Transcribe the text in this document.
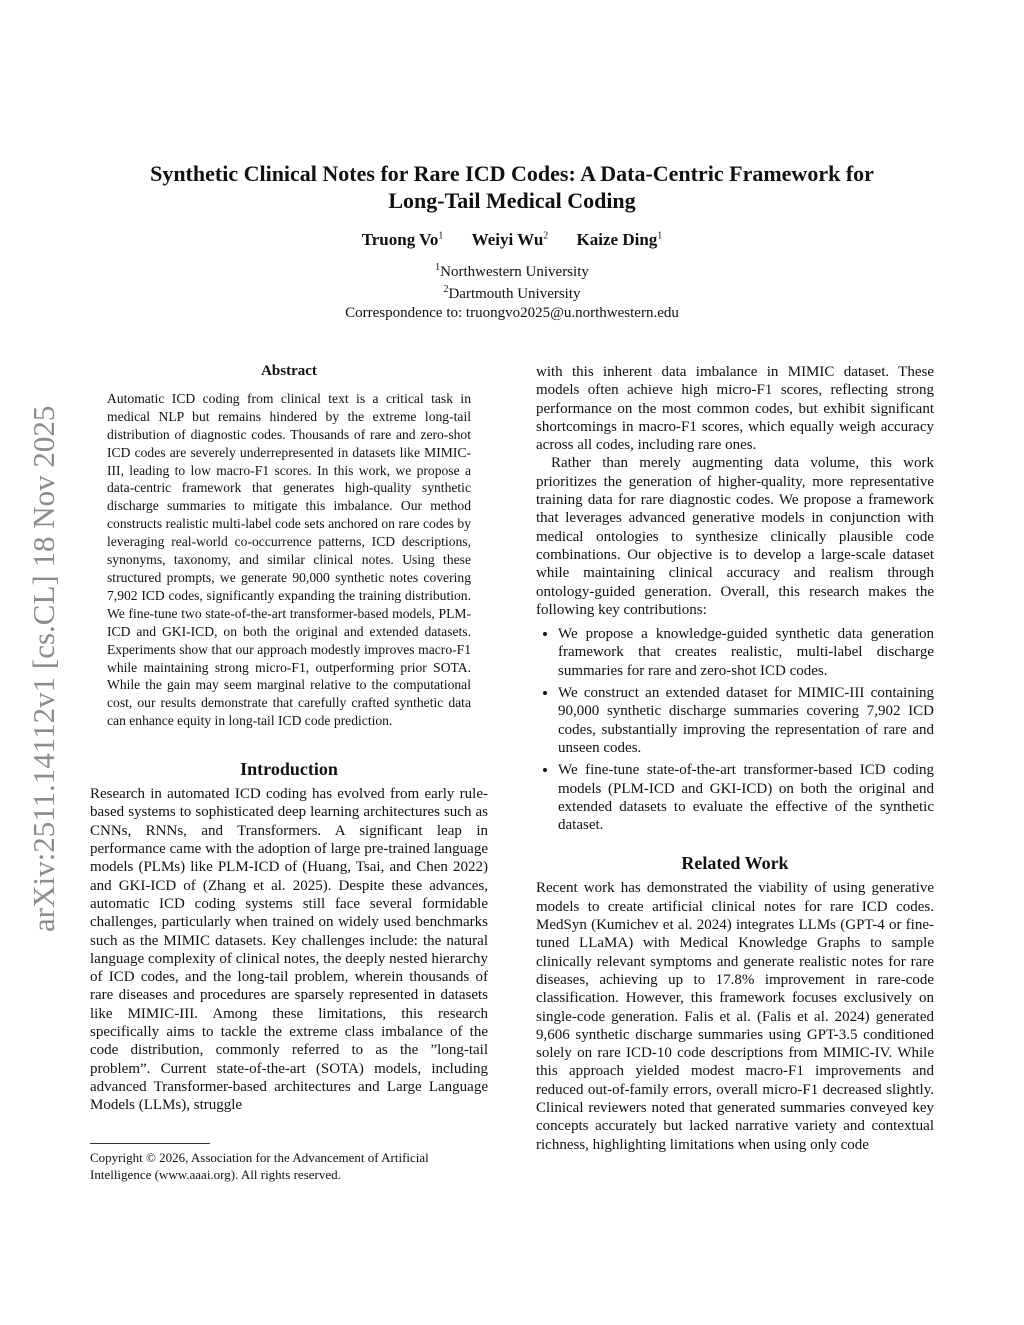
arXiv:2511.14112v1 [cs.CL] 18 Nov 2025
Synthetic Clinical Notes for Rare ICD Codes: A Data-Centric Framework for
Long-Tail Medical Coding
Truong Vo$^1$ Weiyi Wu$^2$ Kaize Ding$^1$
$^1$Northwestern University
$^2$Dartmouth University
Correspondence to: truongvo2025@u.northwestern.edu
Abstract

Automatic ICD coding from clinical text is a critical task in medical NLP but remains hindered by the extreme long-tail distribution of diagnostic codes. Thousands of rare and zero-shot ICD codes are severely underrepresented in datasets like MIMIC-III, leading to low macro-F1 scores. In this work, we propose a data-centric framework that generates high-quality synthetic discharge summaries to mitigate this imbalance. Our method constructs realistic multi-label code sets anchored on rare codes by leveraging real-world co-occurrence patterns, ICD descriptions, synonyms, taxonomy, and similar clinical notes. Using these structured prompts, we generate 90,000 synthetic notes covering 7,902 ICD codes, significantly expanding the training distribution. We fine-tune two state-of-the-art transformer-based models, PLM-ICD and GKI-ICD, on both the original and extended datasets. Experiments show that our approach modestly improves macro-F1 while maintaining strong micro-F1, outperforming prior SOTA. While the gain may seem marginal relative to the computational cost, our results demonstrate that carefully crafted synthetic data can enhance equity in long-tail ICD code prediction.

Introduction

Research in automated ICD coding has evolved from early rule-based systems to sophisticated deep learning architectures such as CNNs, RNNs, and Transformers. A significant leap in performance came with the adoption of large pre-trained language models (PLMs) like PLM-ICD of (Huang, Tsai, and Chen 2022) and GKI-ICD of (Zhang et al. 2025). Despite these advances, automatic ICD coding systems still face several formidable challenges, particularly when trained on widely used benchmarks such as the MIMIC datasets. Key challenges include: the natural language complexity of clinical notes, the deeply nested hierarchy of ICD codes, and the long-tail problem, wherein thousands of rare diseases and procedures are sparsely represented in datasets like MIMIC-III. Among these limitations, this research specifically aims to tackle the extreme class imbalance of the code distribution, commonly referred to as the ”long-tail problem”. Current state-of-the-art (SOTA) models, including advanced Transformer-based architectures and Large Language Models (LLMs), struggle

Copyright © 2026, Association for the Advancement of Artificial Intelligence (www.aaai.org). All rights reserved.

with this inherent data imbalance in MIMIC dataset. These models often achieve high micro-F1 scores, reflecting strong performance on the most common codes, but exhibit significant shortcomings in macro-F1 scores, which equally weigh accuracy across all codes, including rare ones.

Rather than merely augmenting data volume, this work prioritizes the generation of higher-quality, more representative training data for rare diagnostic codes. We propose a framework that leverages advanced generative models in conjunction with medical ontologies to synthesize clinically plausible code combinations. Our objective is to develop a large-scale dataset while maintaining clinical accuracy and realism through ontology-guided generation. Overall, this research makes the following key contributions:

• We propose a knowledge-guided synthetic data generation framework that creates realistic, multi-label discharge summaries for rare and zero-shot ICD codes.
• We construct an extended dataset for MIMIC-III containing 90,000 synthetic discharge summaries covering 7,902 ICD codes, substantially improving the representation of rare and unseen codes.
• We fine-tune state-of-the-art transformer-based ICD coding models (PLM-ICD and GKI-ICD) on both the original and extended datasets to evaluate the effective of the synthetic dataset.
Related Work

Recent work has demonstrated the viability of using generative models to create artificial clinical notes for rare ICD codes. MedSyn (Kumichev et al. 2024) integrates LLMs (GPT-4 or fine-tuned LLaMA) with Medical Knowledge Graphs to sample clinically relevant symptoms and generate realistic notes for rare diseases, achieving up to 17.8% improvement in rare-code classification. However, this framework focuses exclusively on single-code generation. Falis et al. (Falis et al. 2024) generated 9,606 synthetic discharge summaries using GPT-3.5 conditioned solely on rare ICD-10 code descriptions from MIMIC-IV. While this approach yielded modest macro-F1 improvements and reduced out-of-family errors, overall micro-F1 decreased slightly. Clinical reviewers noted that generated summaries conveyed key concepts accurately but lacked narrative variety and contextual richness, highlighting limitations when using only code
